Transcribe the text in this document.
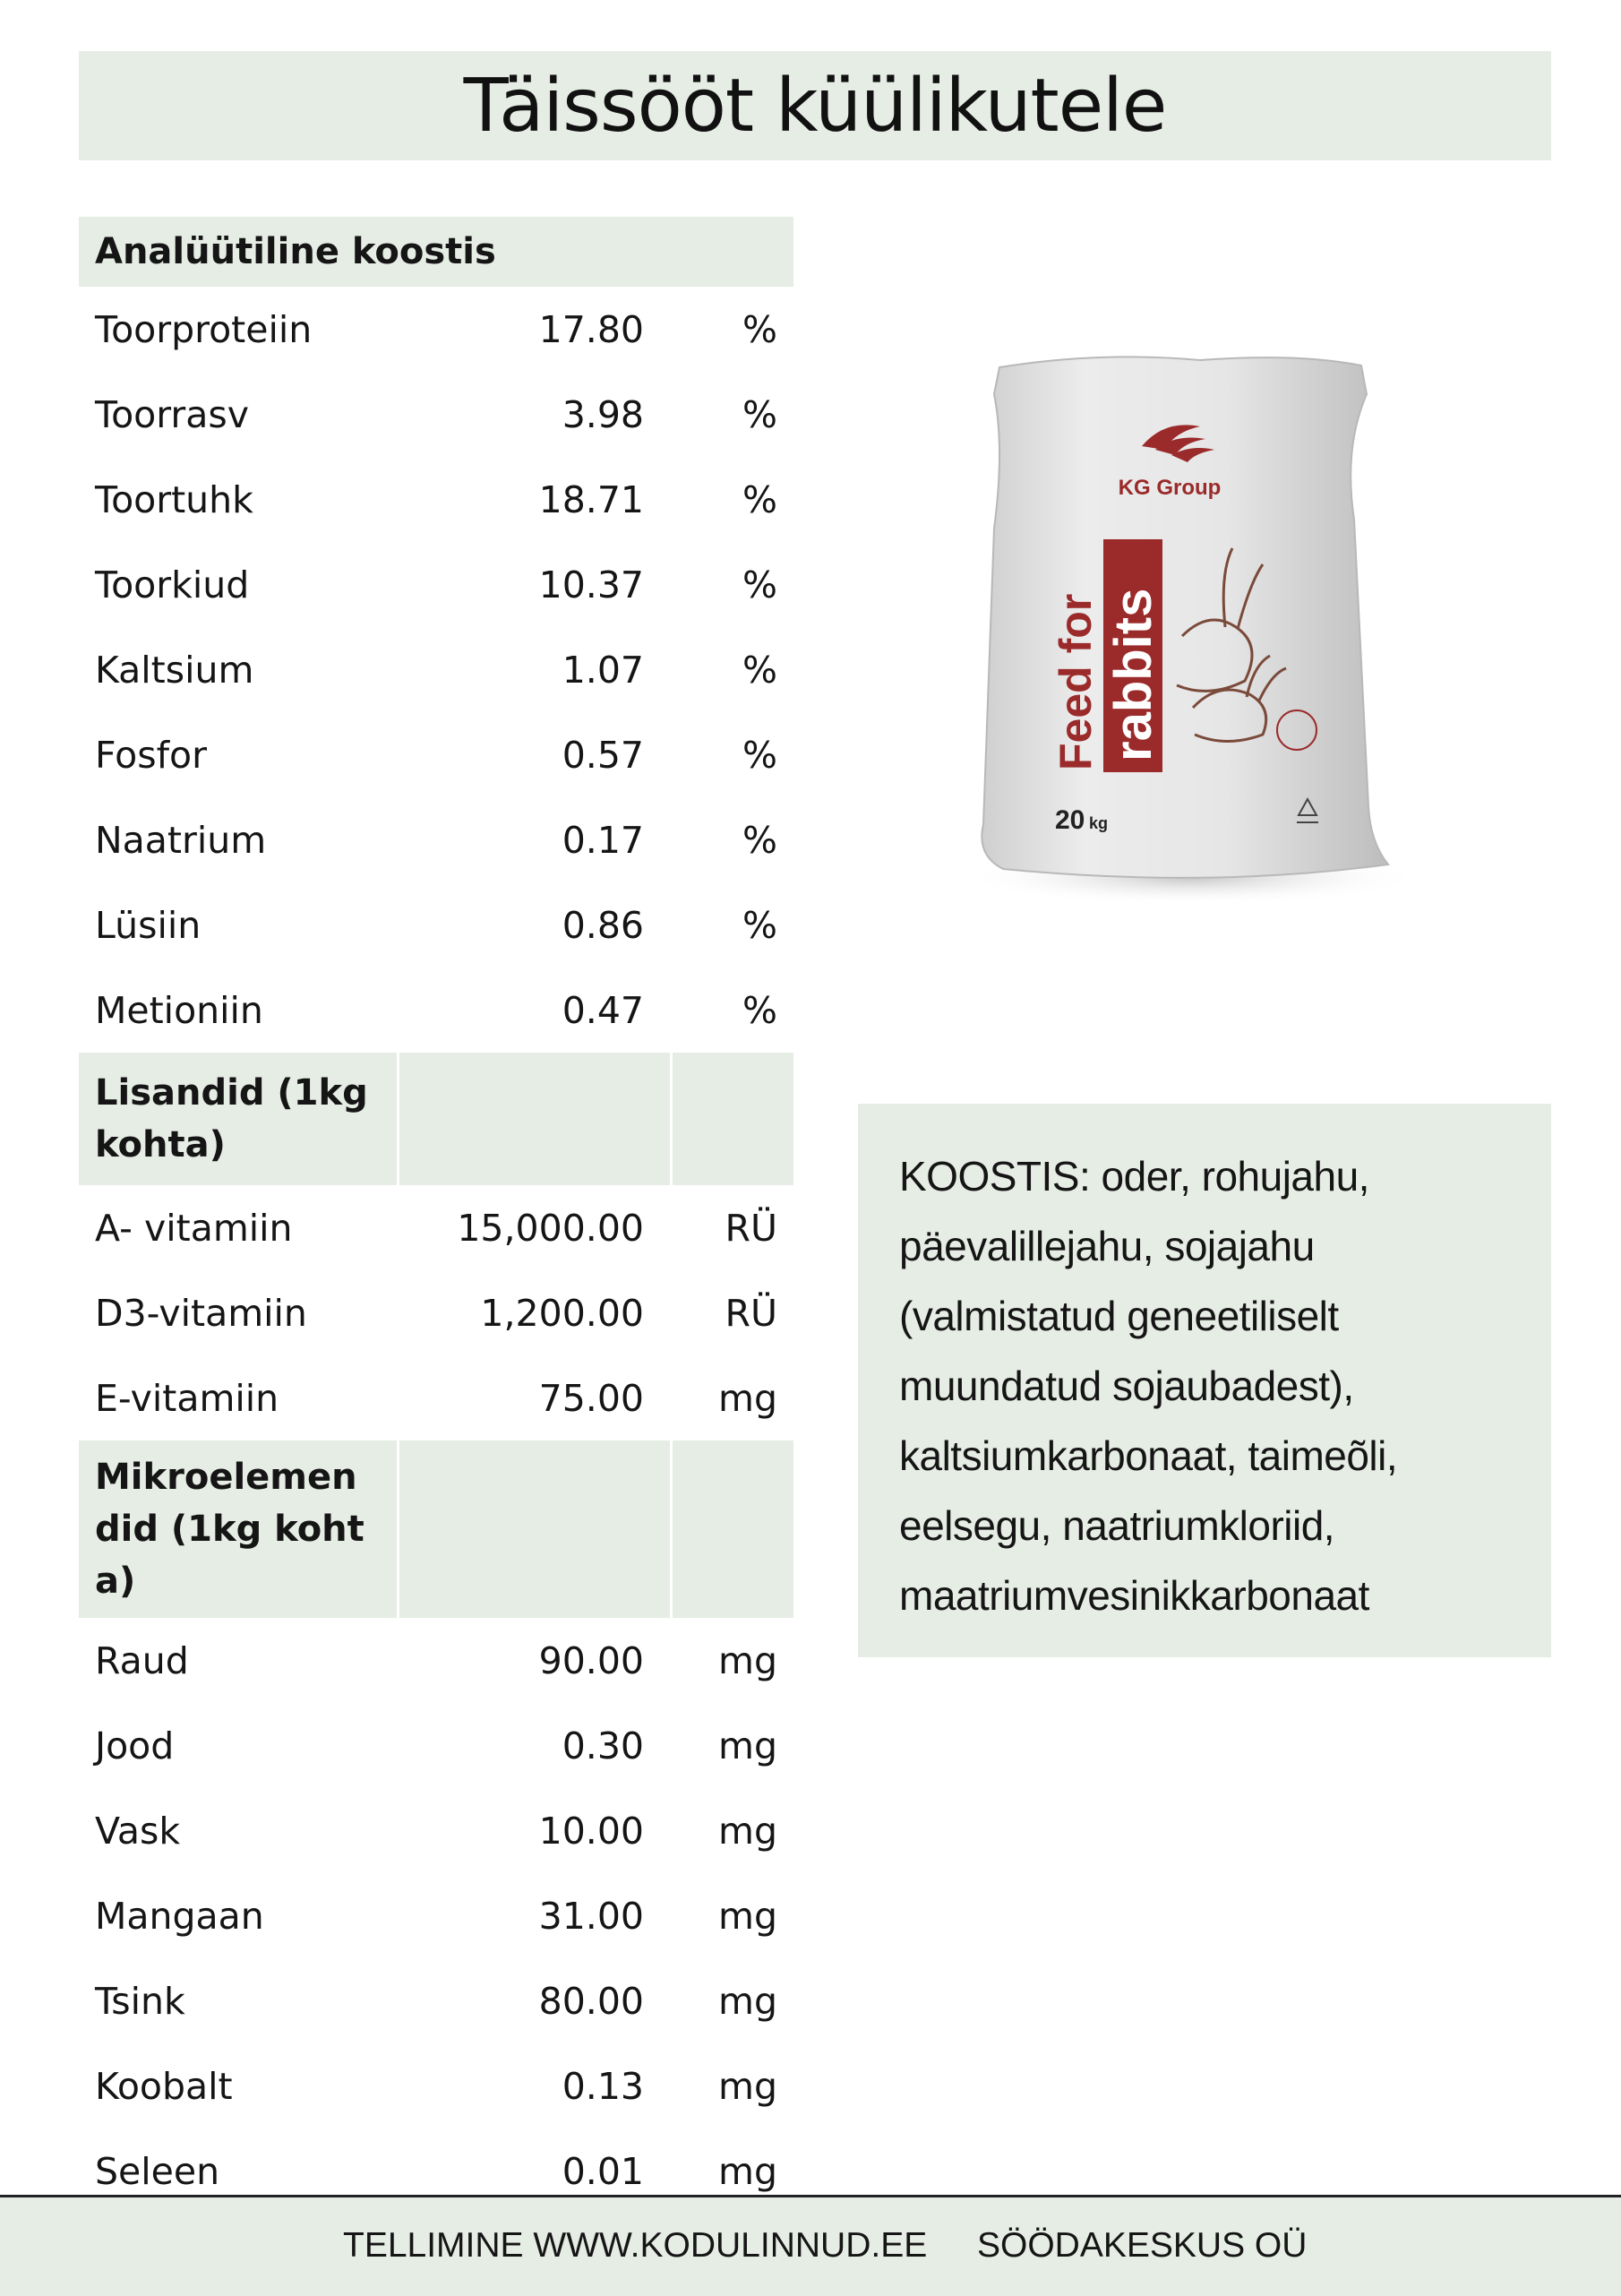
Täissööt küülikutele
Analüütiline koostis		
Toorproteiin	17.80	%
Toorrasv	3.98	%
Toortuhk	18.71	%
Toorkiud	10.37	%
Kaltsium	1.07	%
Fosfor	0.57	%
Naatrium	0.17	%
Lüsiin	0.86	%
Metioniin	0.47	%
Lisandid (1kg kohta)		
A- vitamiin	15,000.00	RÜ
D3-vitamiin	1,200.00	RÜ
E-vitamiin	75.00	mg
Mikroelemendid (1kg kohta)		
Raud	90.00	mg
Jood	0.30	mg
Vask	10.00	mg
Mangaan	31.00	mg
Tsink	80.00	mg
Koobalt	0.13	mg
Seleen	0.01	mg
KG Group
Feed for rabbits
20 kg

KOOSTIS: oder, rohujahu, päevalillejahu, sojajahu (valmistatud geneetiliselt muundatud sojaubadest), kaltsiumkarbonaat, taimeõli, eelsegu, naatriumkloriid, maatriumvesinikkarbonaat

TELLIMINE WWW.KODULINNUD.EE SÖÖDAKESKUS OÜ
